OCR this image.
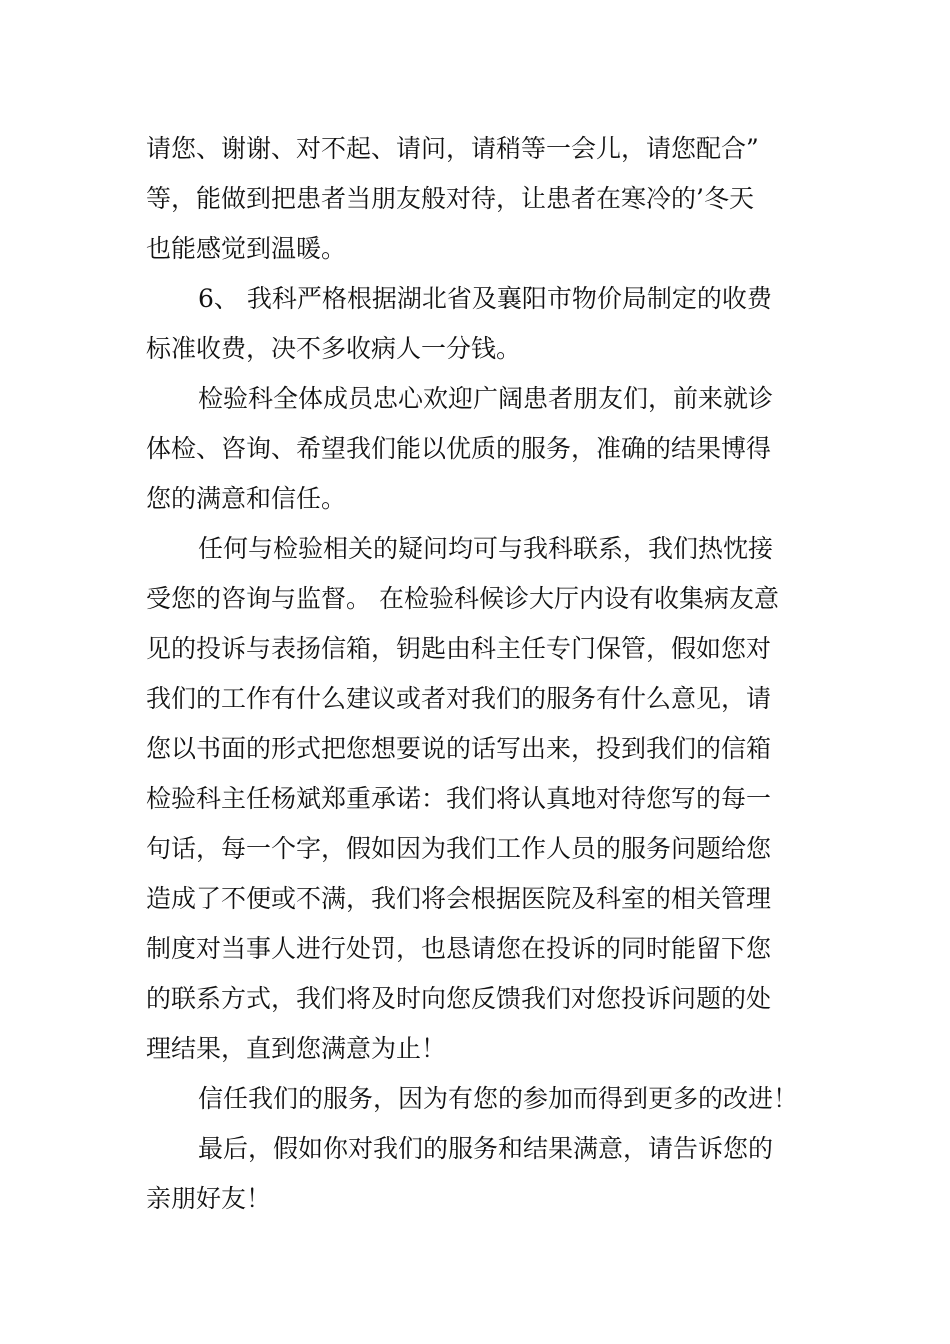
请您、谢谢、对不起、请问，请稍等一会儿，请您配合”
等，能做到把患者当朋友般对待，让患者在寒冷的’冬天
也能感觉到温暖。
6、 我科严格根据湖北省及襄阳市物价局制定的收费
标准收费，决不多收病人一分钱。
检验科全体成员忠心欢迎广阔患者朋友们，前来就诊
体检、咨询、希望我们能以优质的服务，准确的结果博得
您的满意和信任。
任何与检验相关的疑问均可与我科联系，我们热忱接
受您的咨询与监督。 在检验科候诊大厅内设有收集病友意
见的投诉与表扬信箱，钥匙由科主任专门保管，假如您对
我们的工作有什么建议或者对我们的服务有什么意见，请
您以书面的形式把您想要说的话写出来，投到我们的信箱
检验科主任杨斌郑重承诺：我们将认真地对待您写的每一
句话，每一个字，假如因为我们工作人员的服务问题给您
造成了不便或不满，我们将会根据医院及科室的相关管理
制度对当事人进行处罚，也恳请您在投诉的同时能留下您
的联系方式，我们将及时向您反馈我们对您投诉问题的处
理结果，直到您满意为止！
信任我们的服务，因为有您的参加而得到更多的改进！
最后，假如你对我们的服务和结果满意，请告诉您的
亲朋好友！
